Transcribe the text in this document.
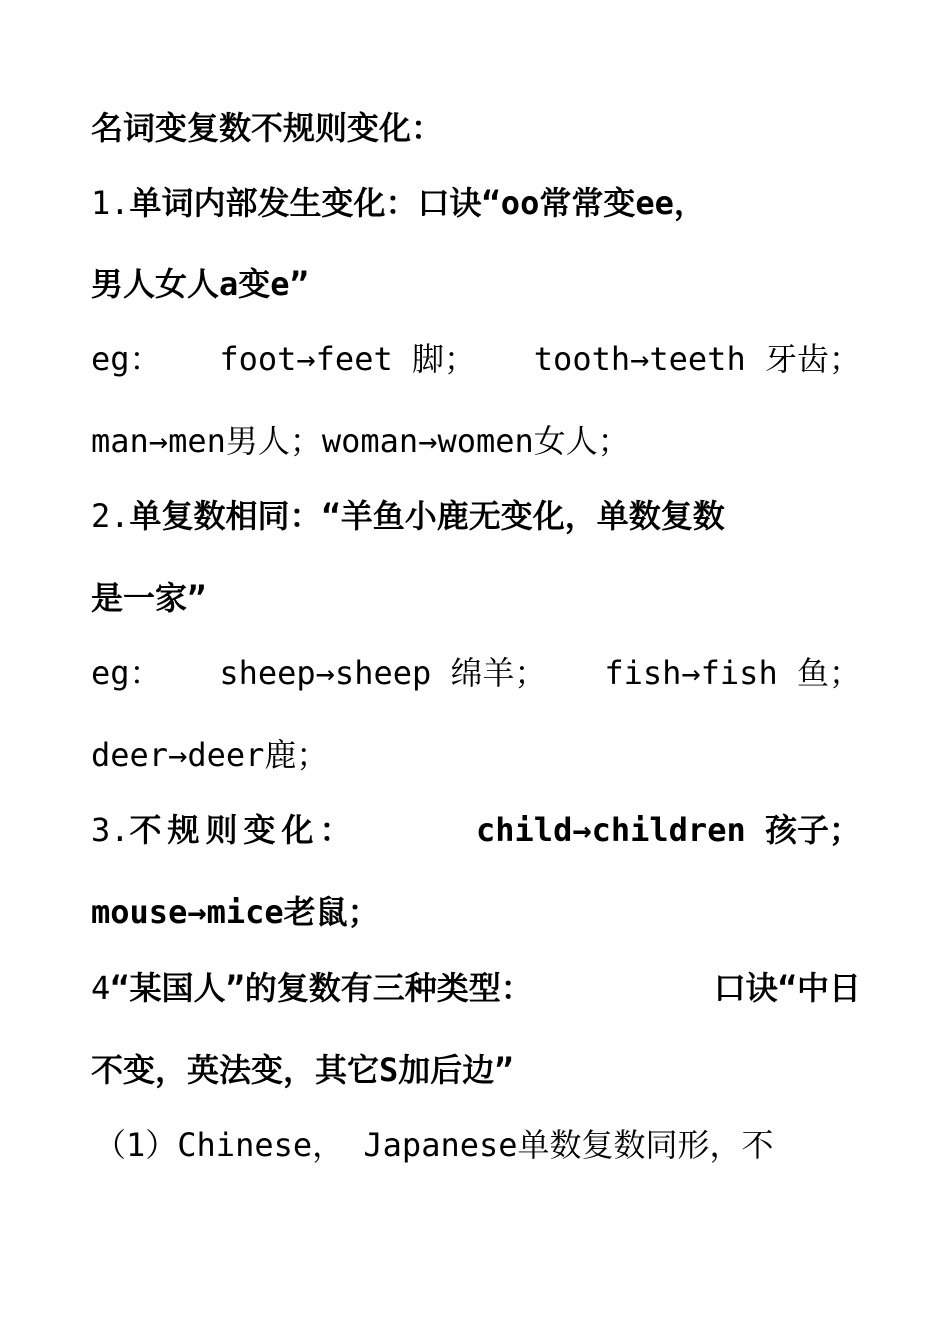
名词变复数不规则变化：
1.单词内部发生变化：口诀“oo常常变ee，
男人女人a变e”
eg： foot→feet 脚； tooth→teeth 牙齿；
man→men男人；woman→women女人；
2.单复数相同：“羊鱼小鹿无变化，单数复数
是一家”
eg： sheep→sheep 绵羊； fish→fish 鱼；
deer→deer鹿；
3.不规则变化：	child→children 孩子；
mouse→mice老鼠；
4“某国人”的复数有三种类型：	口诀“中日
不变，英法变，其它S加后边”
（1）Chinese， Japanese单数复数同形，不
